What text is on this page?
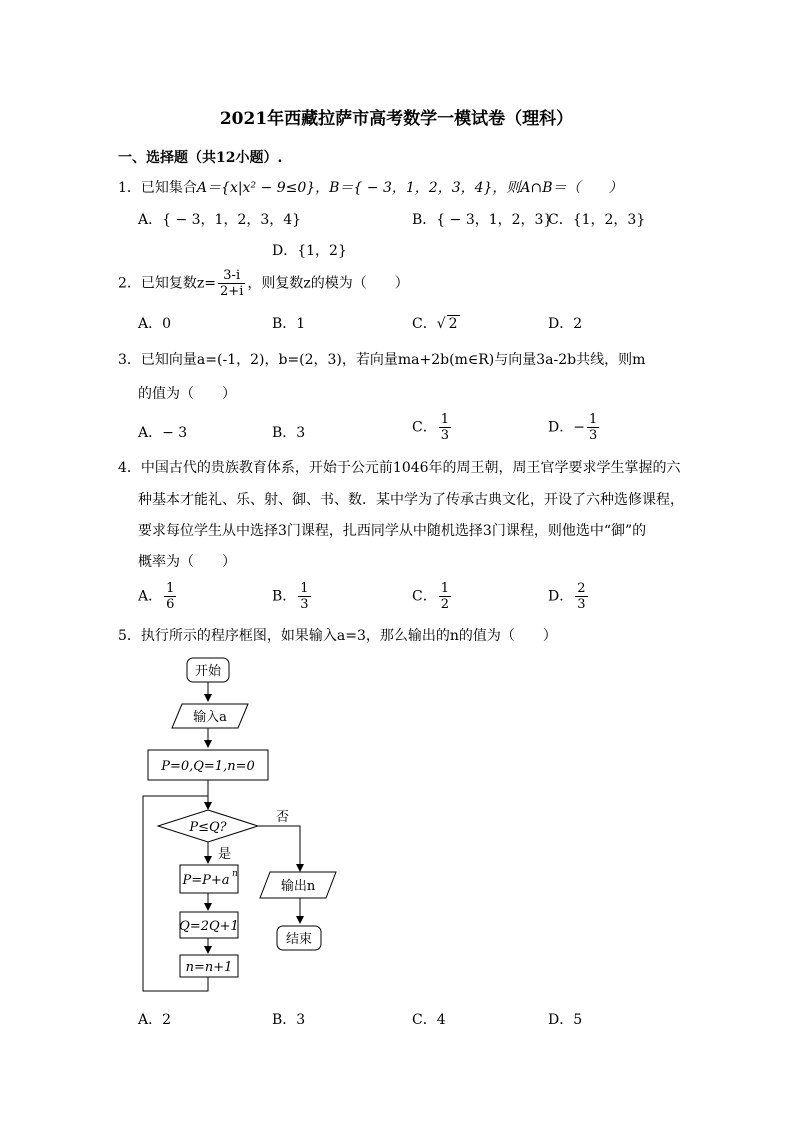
2021年西藏拉萨市高考数学一模试卷（理科）
一、选择题（共12小题）.
1．已知集合A＝{x|x² − 9≤0}，B＝{ − 3，1，2，3，4}，则A∩B＝（　　）
A．{ − 3，1，2，3，4}	B．{ − 3，1，2，3}
C．{1，2，3}
D．{1，2}
2．已知复数$z= \frac{3-i}{2+i}$ ，则复数z的模为（　　）
A．0	B．1	C．√ 2	D．2
3．已知向量a=(-1，2)，b=(2，3)，若向量ma+2b(m∈R)与向量3a-2b共线，则m
的值为（　　）
A．− 3	B．3	C． $\frac{1}{3}$	D．− $\frac{1}{3}$
4．中国古代的贵族教育体系，开始于公元前1046年的周王朝，周王官学要求学生掌握的六
种基本才能礼、乐、射、御、书、数．某中学为了传承古典文化，开设了六种选修课程，
要求每位学生从中选择3门课程，扎西同学从中随机选择3门课程，则他选中“御”的
概率为（　　）
A． $\frac{1}{6}$	B． $\frac{1}{3}$	C． $\frac{1}{2}$	D． $\frac{2}{3}$
5．执行所示的程序框图，如果输入a=3，那么输出的n的值为（　　）
开始
输入a
P=0,Q=1,n=0
P≤Q?
否
是
P=P+a n
Q=2Q+1
n=n+1
输出n
结束
A．2	B．3	C．4	D．5
